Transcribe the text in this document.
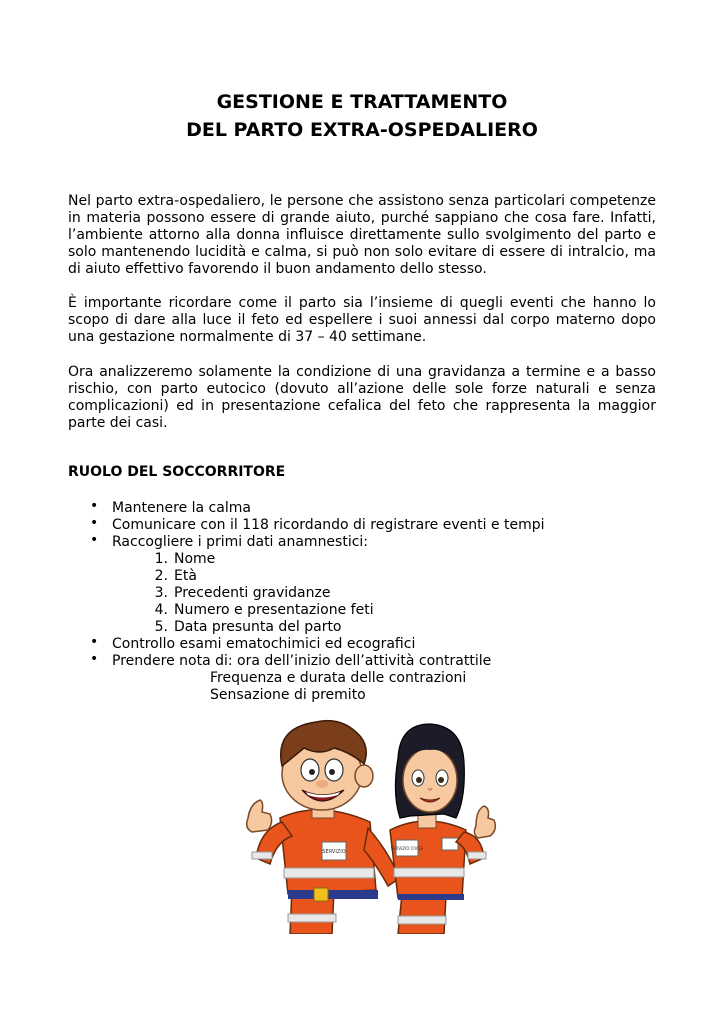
GESTIONE E TRATTAMENTO
DEL PARTO EXTRA-OSPEDALIERO

Nel parto extra-ospedaliero, le persone che assistono senza particolari competenze in materia possono essere di grande aiuto, purché sappiano che cosa fare. Infatti, l’ambiente attorno alla donna influisce direttamente sullo svolgimento del parto e solo mantenendo lucidità e calma, si può non solo evitare di essere di intralcio, ma di aiuto effettivo favorendo il buon andamento dello stesso.

È importante ricordare come il parto sia l’insieme di quegli eventi che hanno lo scopo di dare alla luce il feto ed espellere i suoi annessi dal corpo materno dopo una gestazione normalmente di 37 – 40 settimane.

Ora analizzeremo solamente la condizione di una gravidanza a termine e a basso rischio, con parto eutocico (dovuto all’azione delle sole forze naturali e senza complicazioni) ed in presentazione cefalica del feto che rappresenta la maggior parte dei casi.

RUOLO DEL SOCCORRITORE

• Mantenere la calma
• Comunicare con il 118 ricordando di registrare eventi e tempi
• Raccogliere i primi dati anamnestici:
1. Nome
2. Età
3. Precedenti gravidanze
4. Numero e presentazione feti
5. Data presunta del parto
• Controllo esami ematochimici ed ecografici
• Prendere nota di: ora dell’inizio dell’attività contrattile
Frequenza e durata delle contrazioni
Sensazione di premito
SERVIZIO
SERVIZIO CIVILE
